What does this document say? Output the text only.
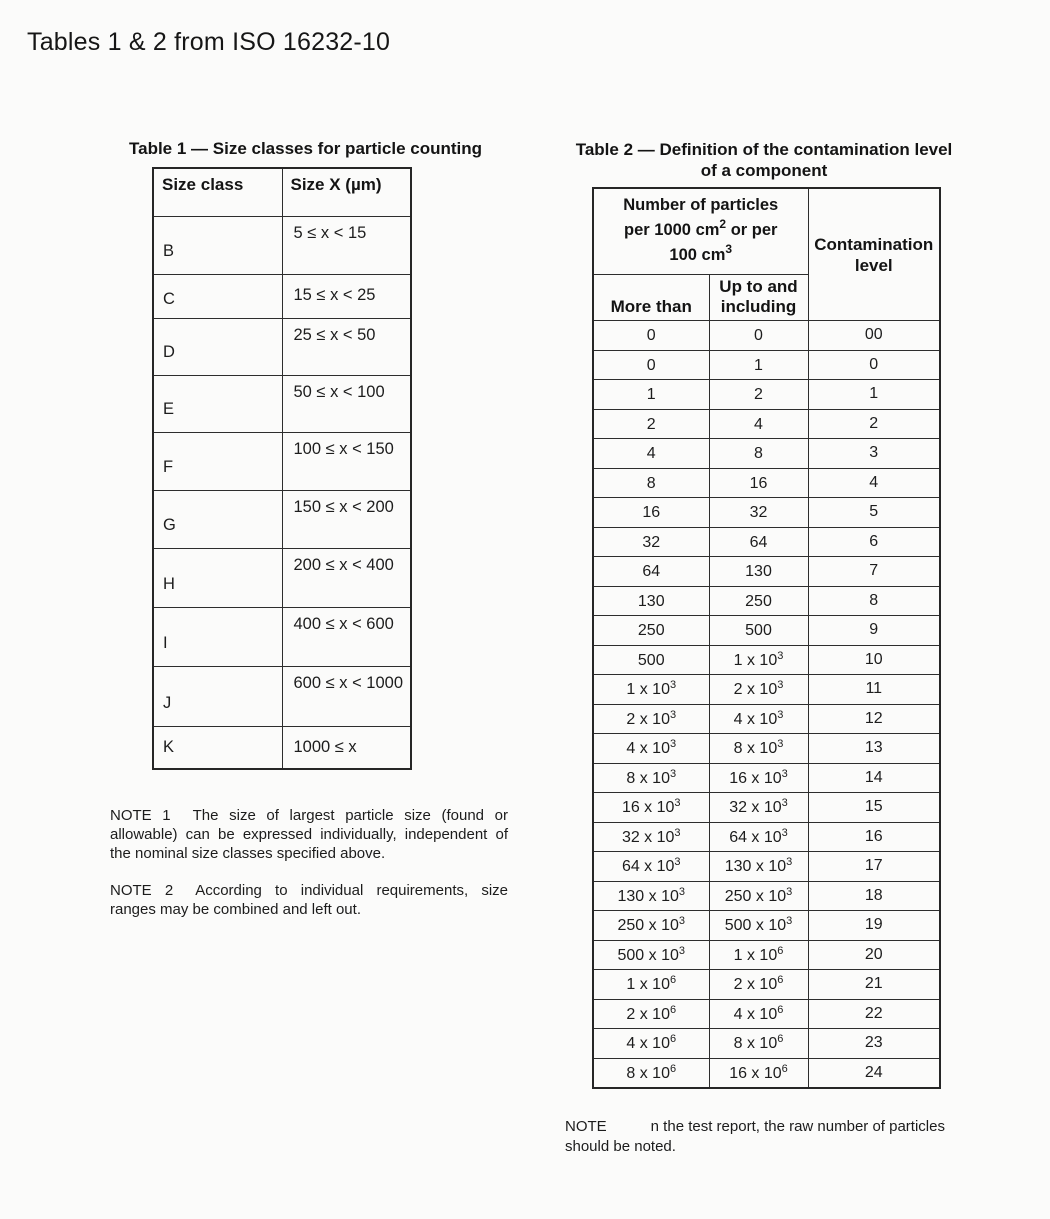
Tables 1 & 2 from ISO 16232-10
Table 1 — Size classes for particle counting
Size class	Size X (µm)
B	5 ≤ x < 15
C	15 ≤ x < 25
D	25 ≤ x < 50
E	50 ≤ x < 100
F	100 ≤ x < 150
G	150 ≤ x < 200
H	200 ≤ x < 400
I	400 ≤ x < 600
J	600 ≤ x < 1000
K	1000 ≤ x
NOTE 1 The size of largest particle size (found or allowable) can be expressed individually, independent of the nominal size classes specified above.
NOTE 2 According to individual requirements, size ranges may be combined and left out.
Table 2 — Definition of the contamination level
of a component
Number of particles
per 1000 $cm^2$ or per
100 $cm^3$		Contamination level
More than	Up to and including	
0	0	00
0	1	0
1	2	1
2	4	2
4	8	3
8	16	4
16	32	5
32	64	6
64	130	7
130	250	8
250	500	9
500	1 x $10^3$	10
1 x $10^3$	2 x $10^3$	11
2 x $10^3$	4 x $10^3$	12
4 x $10^3$	8 x $10^3$	13
8 x $10^3$	16 x $10^3$	14
16 x $10^3$	32 x $10^3$	15
32 x $10^3$	64 x $10^3$	16
64 x $10^3$	130 x $10^3$	17
130 x $10^3$	250 x $10^3$	18
250 x $10^3$	500 x $10^3$	19
500 x $10^3$	1 x $10^6$	20
1 x $10^6$	2 x $10^6$	21
2 x $10^6$	4 x $10^6$	22
4 x $10^6$	8 x $10^6$	23
8 x $10^6$	16 x $10^6$	24
NOTE	n the test report, the raw number of particles should be noted.
